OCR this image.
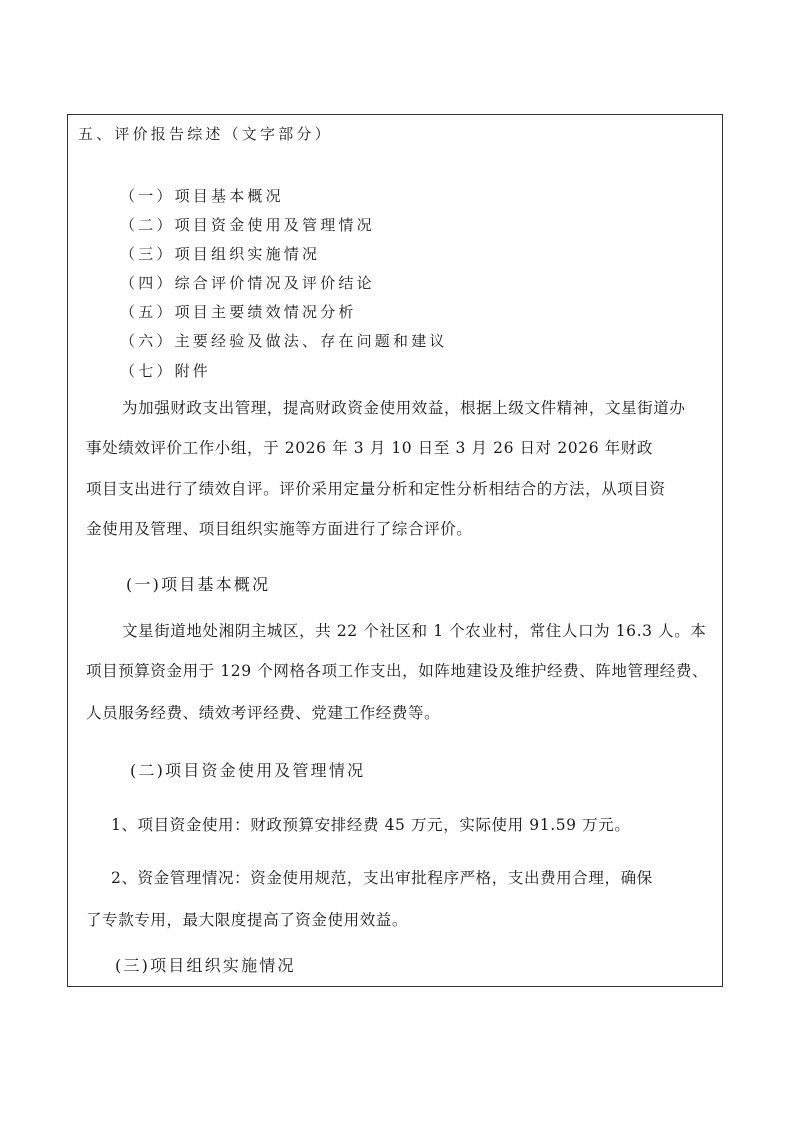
五、评价报告综述（文字部分）
（一）项目基本概况
（二）项目资金使用及管理情况
（三）项目组织实施情况
（四）综合评价情况及评价结论
（五）项目主要绩效情况分析
（六）主要经验及做法、存在问题和建议
（七）附件
为加强财政支出管理，提高财政资金使用效益，根据上级文件精神，文星街道办
事处绩效评价工作小组，于 2026 年 3 月 10 日至 3 月 26 日对 2026 年财政
项目支出进行了绩效自评。评价采用定量分析和定性分析相结合的方法，从项目资
金使用及管理、项目组织实施等方面进行了综合评价。
(一)项目基本概况
文星街道地处湘阴主城区，共 22 个社区和 1 个农业村，常住人口为 16.3 人。本
项目预算资金用于 129 个网格各项工作支出，如阵地建设及维护经费、阵地管理经费、
人员服务经费、绩效考评经费、党建工作经费等。
(二)项目资金使用及管理情况
1、项目资金使用：财政预算安排经费 45 万元，实际使用 91.59 万元。
2、资金管理情况：资金使用规范，支出审批程序严格，支出费用合理，确保
了专款专用，最大限度提高了资金使用效益。
(三)项目组织实施情况
